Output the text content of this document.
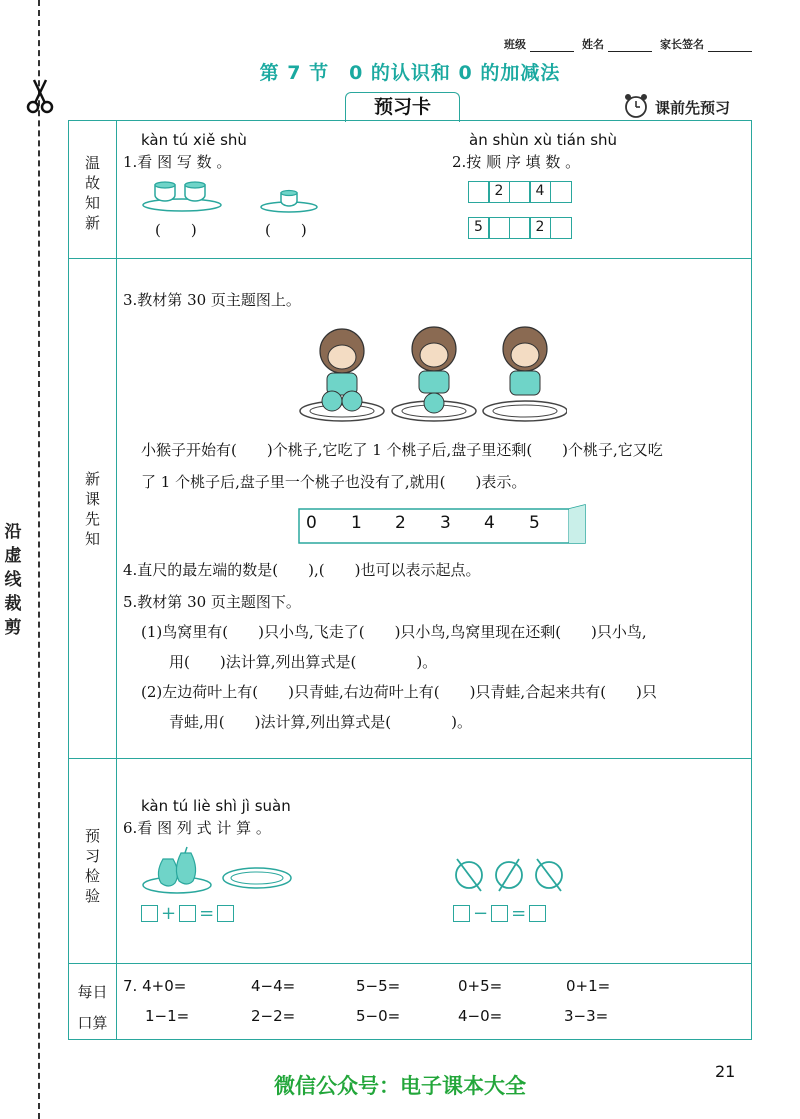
沿虚线裁剪
班级	姓名	家长签名
第 7 节　0 的认识和 0 的加减法
预习卡	课前先预习
温故知新
新课先知
预习检验
每日口算
kàn tú xiě shù
1.看 图 写 数 。
(　　)	(　　)
àn shùn xù tián shù
2.按 顺 序 填 数 。
2	4
5	2
3.教材第 30 页主题图上。
小猴子开始有(　　)个桃子,它吃了 1 个桃子后,盘子里还剩(　　)个桃子,它又吃
了 1 个桃子后,盘子里一个桃子也没有了,就用(　　)表示。
0 1 2 3 4 5
4.直尺的最左端的数是(　　),(　　)也可以表示起点。
5.教材第 30 页主题图下。
(1)鸟窝里有(　　)只小鸟,飞走了(　　)只小鸟,鸟窝里现在还剩(　　)只小鸟,
用(　　)法计算,列出算式是(　　　　)。
(2)左边荷叶上有(　　)只青蛙,右边荷叶上有(　　)只青蛙,合起来共有(　　)只
青蛙,用(　　)法计算,列出算式是(　　　　)。
kàn tú liè shì jì suàn
6.看 图 列 式 计 算 。
+ =	− =
7. 4+0=	4−4=	5−5=	0+5=	0+1=
1−1=	2−2=	5−0=	4−0=	3−3=
微信公众号：电子课本大全
21
